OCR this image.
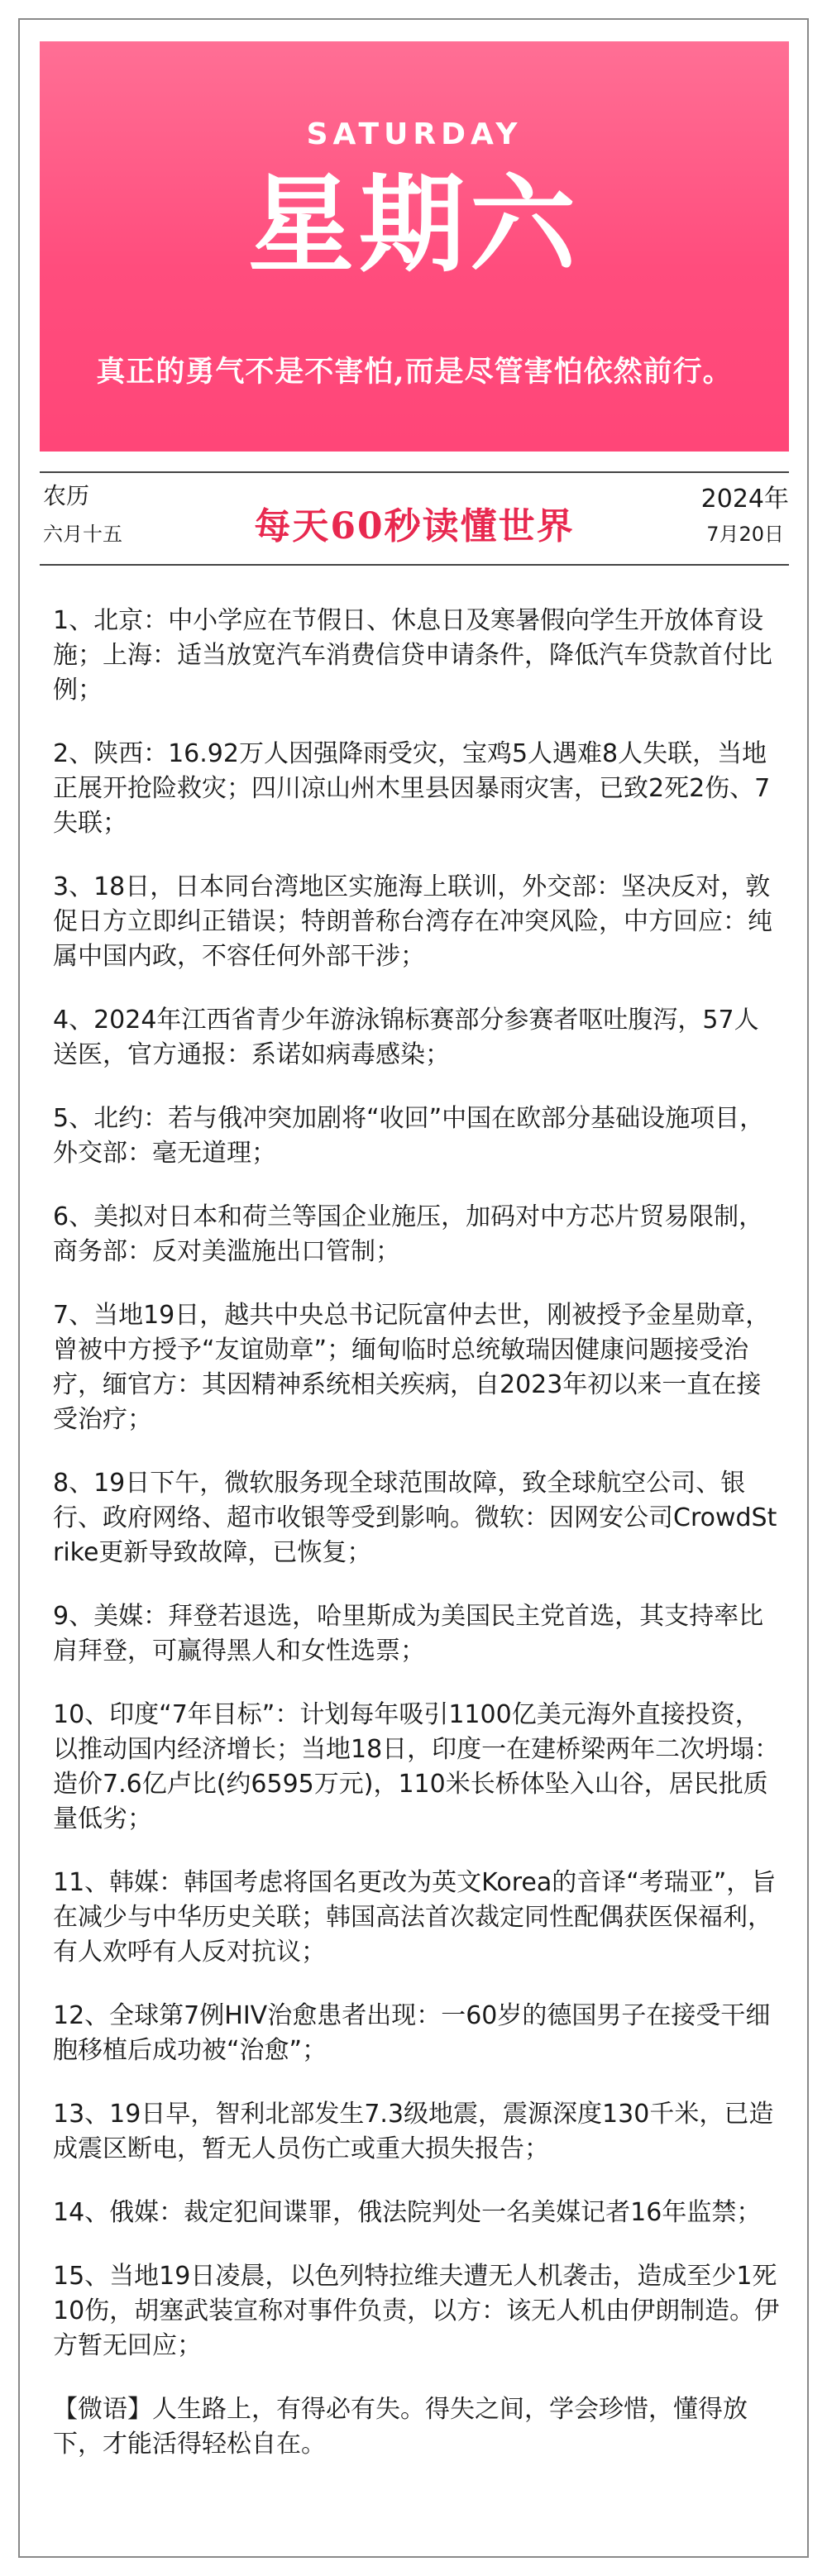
SATURDAY
星期六
真正的勇气不是不害怕,而是尽管害怕依然前行。
农历
六月十五	每天60秒读懂世界
2024年
7月20日
1、北京：中小学应在节假日、休息日及寒暑假向学生开放体育设施；上海：适当放宽汽车消费信贷申请条件，降低汽车贷款首付比例；
2、陕西：16.92万人因强降雨受灾，宝鸡5人遇难8人失联，当地正展开抢险救灾；四川凉山州木里县因暴雨灾害，已致2死2伤、7失联；
3、18日，日本同台湾地区实施海上联训，外交部：坚决反对，敦促日方立即纠正错误；特朗普称台湾存在冲突风险，中方回应：纯属中国内政，不容任何外部干涉；
4、2024年江西省青少年游泳锦标赛部分参赛者呕吐腹泻，57人送医，官方通报：系诺如病毒感染；
5、北约：若与俄冲突加剧将“收回”中国在欧部分基础设施项目，外交部：毫无道理；
6、美拟对日本和荷兰等国企业施压，加码对中方芯片贸易限制，商务部：反对美滥施出口管制；
7、当地19日，越共中央总书记阮富仲去世，刚被授予金星勋章，曾被中方授予“友谊勋章”；缅甸临时总统敏瑞因健康问题接受治疗，缅官方：其因精神系统相关疾病，自2023年初以来一直在接受治疗；
8、19日下午，微软服务现全球范围故障，致全球航空公司、银行、政府网络、超市收银等受到影响。微软：因网安公司CrowdStrike更新导致故障，已恢复；
9、美媒：拜登若退选，哈里斯成为美国民主党首选，其支持率比肩拜登，可赢得黑人和女性选票；
10、印度“7年目标”：计划每年吸引1100亿美元海外直接投资，以推动国内经济增长；当地18日，印度一在建桥梁两年二次坍塌：造价7.6亿卢比(约6595万元)，110米长桥体坠入山谷，居民批质量低劣；
11、韩媒：韩国考虑将国名更改为英文Korea的音译“考瑞亚”，旨在减少与中华历史关联；韩国高法首次裁定同性配偶获医保福利，有人欢呼有人反对抗议；
12、全球第7例HIV治愈患者出现：一60岁的德国男子在接受干细胞移植后成功被“治愈”；
13、19日早，智利北部发生7.3级地震，震源深度130千米，已造成震区断电，暂无人员伤亡或重大损失报告；
14、俄媒：裁定犯间谍罪，俄法院判处一名美媒记者16年监禁；
15、当地19日凌晨，以色列特拉维夫遭无人机袭击，造成至少1死10伤，胡塞武装宣称对事件负责，以方：该无人机由伊朗制造。伊方暂无回应；
【微语】人生路上，有得必有失。得失之间，学会珍惜，懂得放下，才能活得轻松自在。
